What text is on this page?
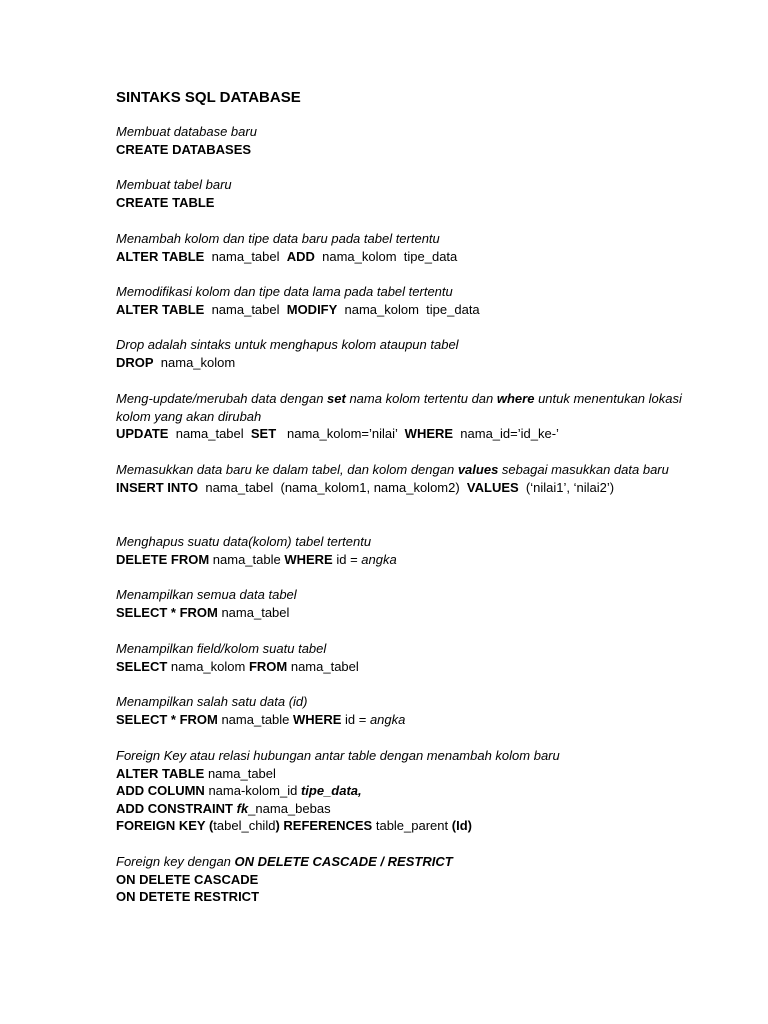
SINTAKS SQL DATABASE
Membuat database baru
CREATE DATABASES
Membuat tabel baru
CREATE TABLE
Menambah kolom dan tipe data baru pada tabel tertentu
ALTER TABLE  nama_tabel  ADD  nama_kolom  tipe_data
Memodifikasi kolom dan tipe data lama pada tabel tertentu
ALTER TABLE  nama_tabel  MODIFY  nama_kolom  tipe_data
Drop adalah sintaks untuk menghapus kolom ataupun tabel
DROP  nama_kolom
Meng-update/merubah data dengan set nama kolom tertentu dan where untuk menentukan lokasi kolom yang akan dirubah
UPDATE  nama_tabel  SET   nama_kolom=’nilai’  WHERE  nama_id=’id_ke-’
Memasukkan data baru ke dalam tabel, dan kolom dengan values sebagai masukkan data baru
INSERT INTO  nama_tabel  (nama_kolom1, nama_kolom2)  VALUES  (‘nilai1’, ‘nilai2’)
Menghapus suatu data(kolom) tabel tertentu
DELETE FROM nama_table WHERE id = angka
Menampilkan semua data tabel
SELECT * FROM nama_tabel
Menampilkan field/kolom suatu tabel
SELECT nama_kolom FROM nama_tabel
Menampilkan salah satu data (id)
SELECT * FROM nama_table WHERE id = angka
Foreign Key atau relasi hubungan antar table dengan menambah kolom baru
ALTER TABLE nama_tabel
ADD COLUMN nama-kolom_id tipe_data,
ADD CONSTRAINT fk_nama_bebas
FOREIGN KEY (tabel_child) REFERENCES table_parent (Id)
Foreign key dengan ON DELETE CASCADE / RESTRICT
ON DELETE CASCADE
ON DETETE RESTRICT
